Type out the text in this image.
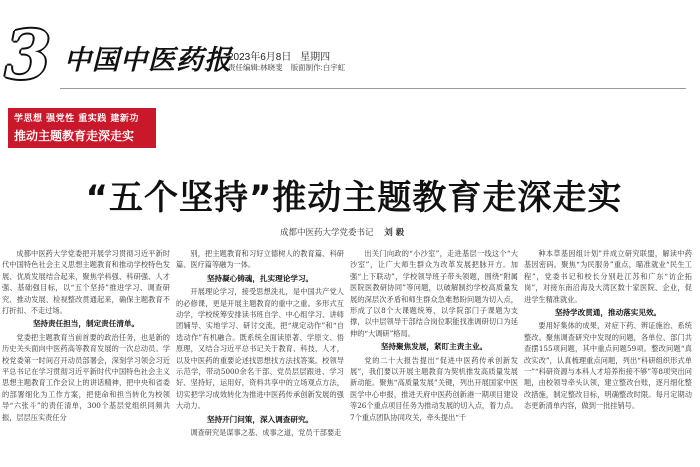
3 中国中医药报
2023年6月8日 星期四
责任编辑:林晓斐 版面制作:白宇虹
学思想 强党性 重实践 建新功
推动主题教育走深走实
“五个坚持”推动主题教育走深走实
成都中医药大学党委书记 刘 毅

成都中医药大学党委把开展学习贯彻习近平新时代中国特色社会主义思想主题教育和推动学校特色发展、优质发展结合起来，聚焦学科强、科研强、人才强、基础强目标，以“五个坚持”推进学习、调查研究、推动发展、检视整改贯通起来，确保主题教育不打折扣、不走过场。

坚持责任担当，制定责任清单。

党委把主题教育当前首要的政治任务，也是新的历史关头面向中医药高等教育发展的一次总动员。学校党委第一时间召开动员部署会，深刻学习领会习近平总书记在学习贯彻习近平新时代中国特色社会主义思想主题教育工作会议上的讲话精神，把中央和省委的部署细化为工作方案，把使命和担当转化为校领导“六张斗”的责任清单，300个基层党组织同频共振，层层压实责任分

别，把主题教育和习好立德树人的教育篇、科研篇、医疗篇等融为一体。

坚持凝心铸魂，扎实理论学习。

开展理论学习，接受思想洗礼，是中国共产党人的必修课，更是开展主题教育的重中之重。多形式互动学，学校统筹安排读书班自学、中心组学习、讲师团辅导、实地学习、研讨交流，把“规定动作”和“自选动作”有机融合。既系统全面读原著、学原文、悟原理，又结合习近平总书记关于教育、科技、人才，以及中医药的重要论述找思想找方法找答案。校领导示范学，带动5000余名干部、党员层层跟进、学习好、坚持好，运用好，资料共享中的立场观点方法，切实把学习成效转化为推进中医药传承创新发展的强大动力。

坚持开门问策，深入调查研究。

调查研究是谋事之基、成事之道，党员干部要走

出关门向政的“小沙室”，走进基层一线这个“大沙室”，让广大师生群众为改革发展把脉开方。加强“上下联动”，学校领导班子带头领题，围绕“附属医院医教研协同”等问题，以破解制约学校高质量发展的深层次矛盾和师生群众急难愁盼问题为切入点，形成了以8个大课题统筹，以学院部门子课题为支撑，以中层领导干部结合岗位职能找准调研切口为延伸的“大调研”格局。

坚持聚焦发展，紧盯主责主业。

党的二十大报告提出“促进中医药传承创新发展”，我们要以开展主题教育为契机推发高质量发展新动能。聚焦“高质量发展”关键，列出开展国家中医医学中心申报，推进天府中医药创新港一期项目建设等26个重点项目任务为推动发展的切入点，着力点。7个重点团队协同攻关，牵头提出“千

种本草基因组计划”并成立研究联盟，解读中药基因密码。聚焦“为民服务”重点，瞄准就业“民生工程”，党委书记和校长分别赴江苏和广东“访企拓岗”，对接东南沿海及大湾区数十家医院、企业，促进学生精准就业。

坚持学改贯通，推动落实见效。

要用好集体的成果，对症下药、辨证施治、系统整改。聚焦调查研究中发现的问题，各单位、部门共查摆155项问题，其中重点问题59项。整改问题“真改实改”，认真梳理重点问题，列出“科研组织形式单一”“科研资源与本科人才培养衔接不够”等8项突出问题，由校领导牵头认领，建立整改台账，逐月细化整改措施，制定整改目标，明确整改时限。每月定期动态更新清单内容，做到一批挂销号。
